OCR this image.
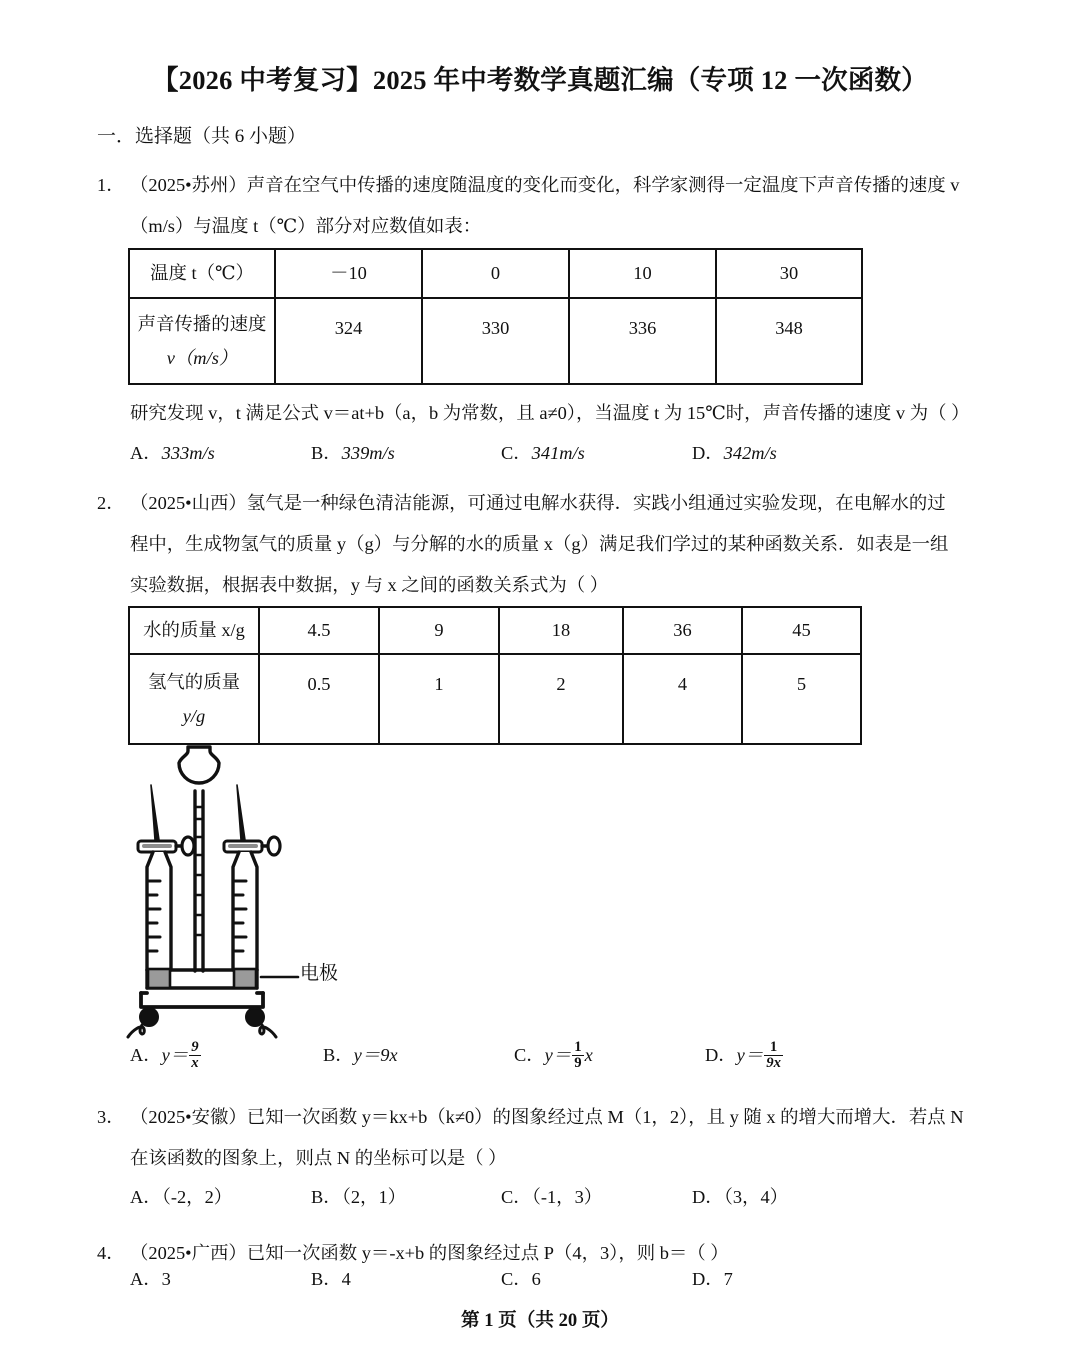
【2026 中考复习】2025 年中考数学真题汇编（专项 12 一次函数）
一．选择题（共 6 小题）
1． （2025•苏州）声音在空气中传播的速度随温度的变化而变化，科学家测得一定温度下声音传播的速度 v
（m/s）与温度 t（℃）部分对应数值如表：
温度 t（℃）	－10	0	10	30

声音传播的速度
v（m/s）	324	330	336	348
研究发现 v，t 满足公式 v＝at+b（a，b 为常数，且 a≠0），当温度 t 为 15℃时，声音传播的速度 v 为（ ）
A．333m/s	B．339m/s	C．341m/s	D．342m/s
2． （2025•山西）氢气是一种绿色清洁能源，可通过电解水获得．实践小组通过实验发现，在电解水的过
程中，生成物氢气的质量 y（g）与分解的水的质量 x（g）满足我们学过的某种函数关系．如表是一组
实验数据，根据表中数据，y 与 x 之间的函数关系式为（ ）
水的质量 x/g	4.5	9	18	36	45

氢气的质量
y/g	0.5	1	2	4	5
电极
A．$y= \frac{9}{x}$	B．y＝9x	C．$y= \frac{1}{9}$ x	D．$y= \frac{1}{9x}$
3． （2025•安徽）已知一次函数 y＝kx+b（k≠0）的图象经过点 M（1，2），且 y 随 x 的增大而增大．若点 N
在该函数的图象上，则点 N 的坐标可以是（ ）
A．（-2，2）	B．（2，1）	C．（-1，3）	D．（3，4）
4． （2025•广西）已知一次函数 y＝-x+b 的图象经过点 P（4，3），则 b＝（ ）
A．3	B．4	C．6	D．7
第 1 页（共 20 页）
